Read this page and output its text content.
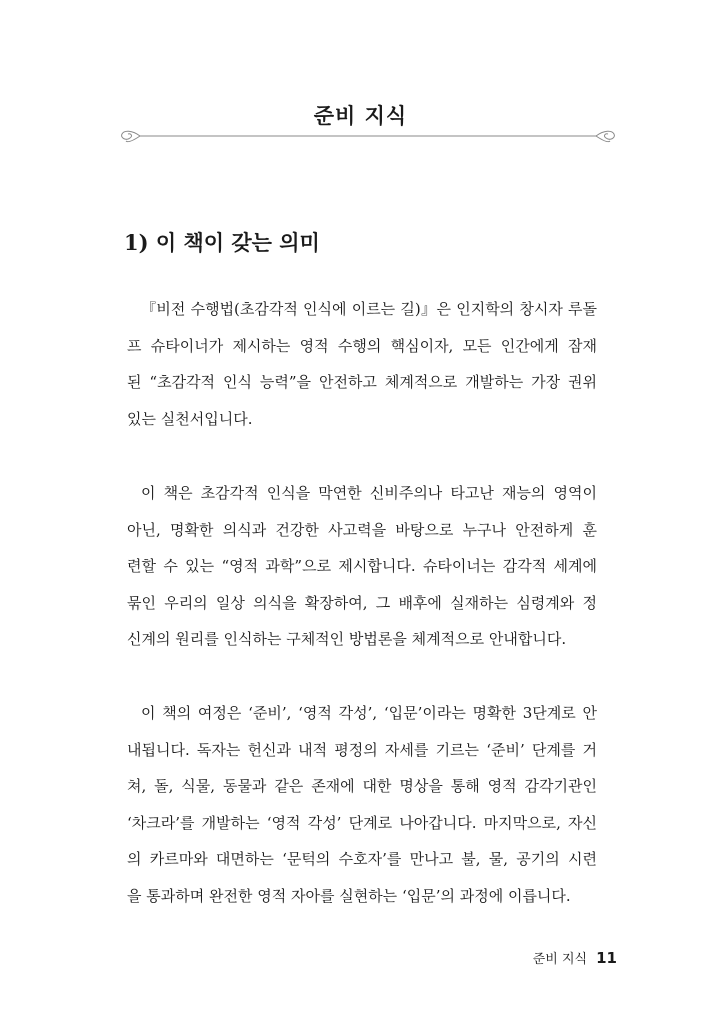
준비 지식
1) 이 책이 갖는 의미
『비전 수행법(초감각적 인식에 이르는 길)』은 인지학의 창시자 루돌
프 슈타이너가 제시하는 영적 수행의 핵심이자, 모든 인간에게 잠재
된 “초감각적 인식 능력”을 안전하고 체계적으로 개발하는 가장 권위
있는 실천서입니다.
이 책은 초감각적 인식을 막연한 신비주의나 타고난 재능의 영역이
아닌, 명확한 의식과 건강한 사고력을 바탕으로 누구나 안전하게 훈
련할 수 있는 “영적 과학”으로 제시합니다. 슈타이너는 감각적 세계에
묶인 우리의 일상 의식을 확장하여, 그 배후에 실재하는 심령계와 정
신계의 원리를 인식하는 구체적인 방법론을 체계적으로 안내합니다.
이 책의 여정은 ‘준비’, ‘영적 각성’, ‘입문’이라는 명확한 3단계로 안
내됩니다. 독자는 헌신과 내적 평정의 자세를 기르는 ‘준비’ 단계를 거
쳐, 돌, 식물, 동물과 같은 존재에 대한 명상을 통해 영적 감각기관인
‘차크라’를 개발하는 ‘영적 각성’ 단계로 나아갑니다. 마지막으로, 자신
의 카르마와 대면하는 ‘문턱의 수호자’를 만나고 불, 물, 공기의 시련
을 통과하며 완전한 영적 자아를 실현하는 ‘입문’의 과정에 이릅니다.
준비 지식 11
